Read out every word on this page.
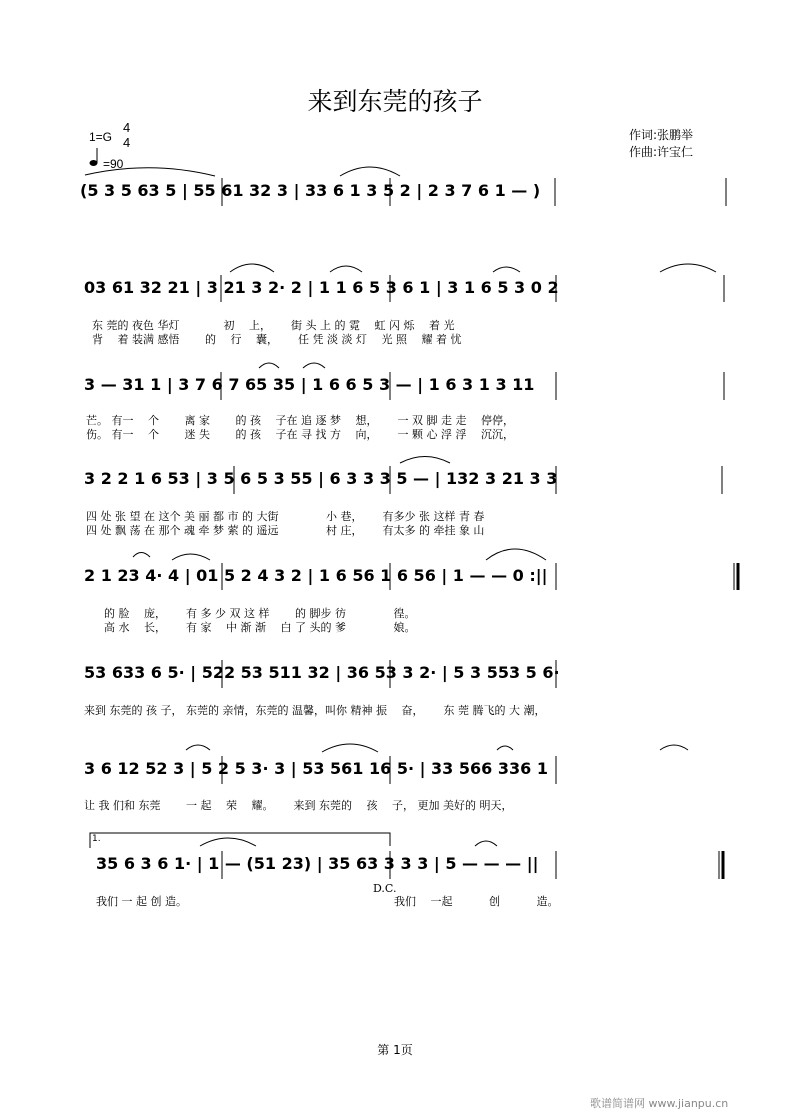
来到东莞的孩子
1=G
4
4
=90
作词:张鹏举
作曲:许宝仁
(5 3 5 63 5 | 55 61 32 3 | 33 6 1 3 5 2 | 2 3 7 6 1 — )
03 61 32 21 | 3 21 3 2· 2 | 1 1 6 5 3 6 1 | 3 1 6 5 3 0 2
东 莞的 夜色 华灯　　　　初　 上，　　 街 头 上 的 霓　 虹 闪 烁　 着 光
背　 着 装满 感悟　　 的　 行　 囊，　　 任 凭 淡 淡 灯　 光 照　 耀 着 忧
3 — 31 1 | 3 7 6 7 65 35 | 1 6 6 5 3 — | 1 6 3 1 3 11
芒。 有一　 个　　 离 家　　 的 孩　 子在 追 逐 梦　 想，　　 一 双 脚 走 走　 停停，
伤。 有一　 个　　 迷 失　　 的 孩　 子在 寻 找 方　 向，　　 一 颗 心 浮 浮　 沉沉，
3 2 2 1 6 53 | 3 5 6 5 3 55 | 6 3 3 3 5 — | 132 3 21 3 3
四 处 张 望 在 这个 美 丽 都 市 的 大街　　　　 小 巷，　　 有多少 张 这样 青 春
四 处 飘 荡 在 那个 魂 牵 梦 萦 的 遥远　　　　 村 庄，　　 有太多 的 牵挂 象 山
2 1 23 4· 4 | 01 5 2 4 3 2 | 1 6 56 1 6 56 | 1 — — 0 :||
的 脸　 庞，　　 有 多 少 双 这 样　　 的 脚步 彷　　　　 徨。
高 水　 长，　　 有 家　 中 渐 渐　 白 了 头的 爹　　　　 娘。
53 633 6 5· | 522 53 511 32 | 36 53 3 2· | 5 3 553 5 6·
来到 东莞的 孩 子， 东莞的 亲情，东莞的 温馨，叫你 精神 振　 奋，　　 东 莞 腾飞的 大 潮，
3 6 12 52 3 | 5 2 5 3· 3 | 53 561 16 5· | 33 566 336 1
让 我 们和 东莞　　 一 起　 荣　 耀。　　 来到 东莞的　 孩　 子， 更加 美好的 明天，
1.
35 6 3 6 1· | 1 — (51 23) | 35 63 3 3 3 | 5 — — — ||
D.C.
我们 一 起 创 造。	我们　 一起　　　 创　　　 造。
第 1页
歌谱简谱网 www.jianpu.cn
